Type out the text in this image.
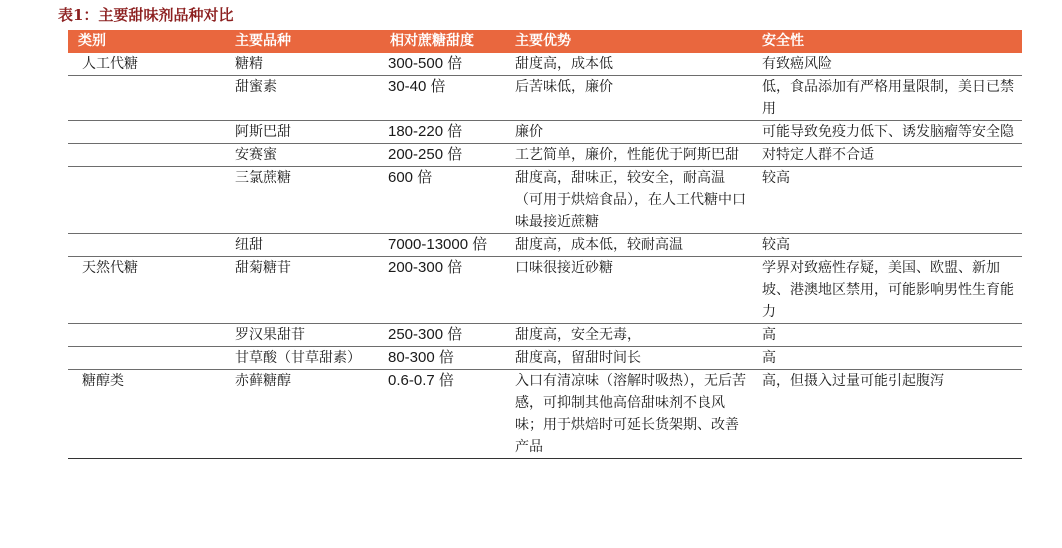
表1：主要甜味剂品种对比
类别	主要品种	相对蔗糖甜度	主要优势	安全性
人工代糖	糖精	300-500 倍	甜度高，成本低	有致癌风险
	甜蜜素	30-40 倍	后苦味低，廉价	低，食品添加有严格用量限制，美日已禁用
	阿斯巴甜	180-220 倍	廉价	可能导致免疫力低下、诱发脑瘤等安全隐
	安赛蜜	200-250 倍	工艺简单，廉价，性能优于阿斯巴甜	对特定人群不合适
	三氯蔗糖	600 倍	甜度高，甜味正，较安全，耐高温（可用于烘焙食品），在人工代糖中口味最接近蔗糖	较高
	纽甜	7000-13000 倍	甜度高，成本低，较耐高温	较高
天然代糖	甜菊糖苷	200-300 倍	口味很接近砂糖	学界对致癌性存疑，美国、欧盟、新加坡、港澳地区禁用，可能影响男性生育能力
	罗汉果甜苷	250-300 倍	甜度高，安全无毒，	高
	甘草酸（甘草甜素）	80-300 倍	甜度高，留甜时间长	高
糖醇类	赤藓糖醇	0.6-0.7 倍	入口有清凉味（溶解时吸热），无后苦感，可抑制其他高倍甜味剂不良风味；用于烘焙时可延长货架期、改善产品	高，但摄入过量可能引起腹泻
